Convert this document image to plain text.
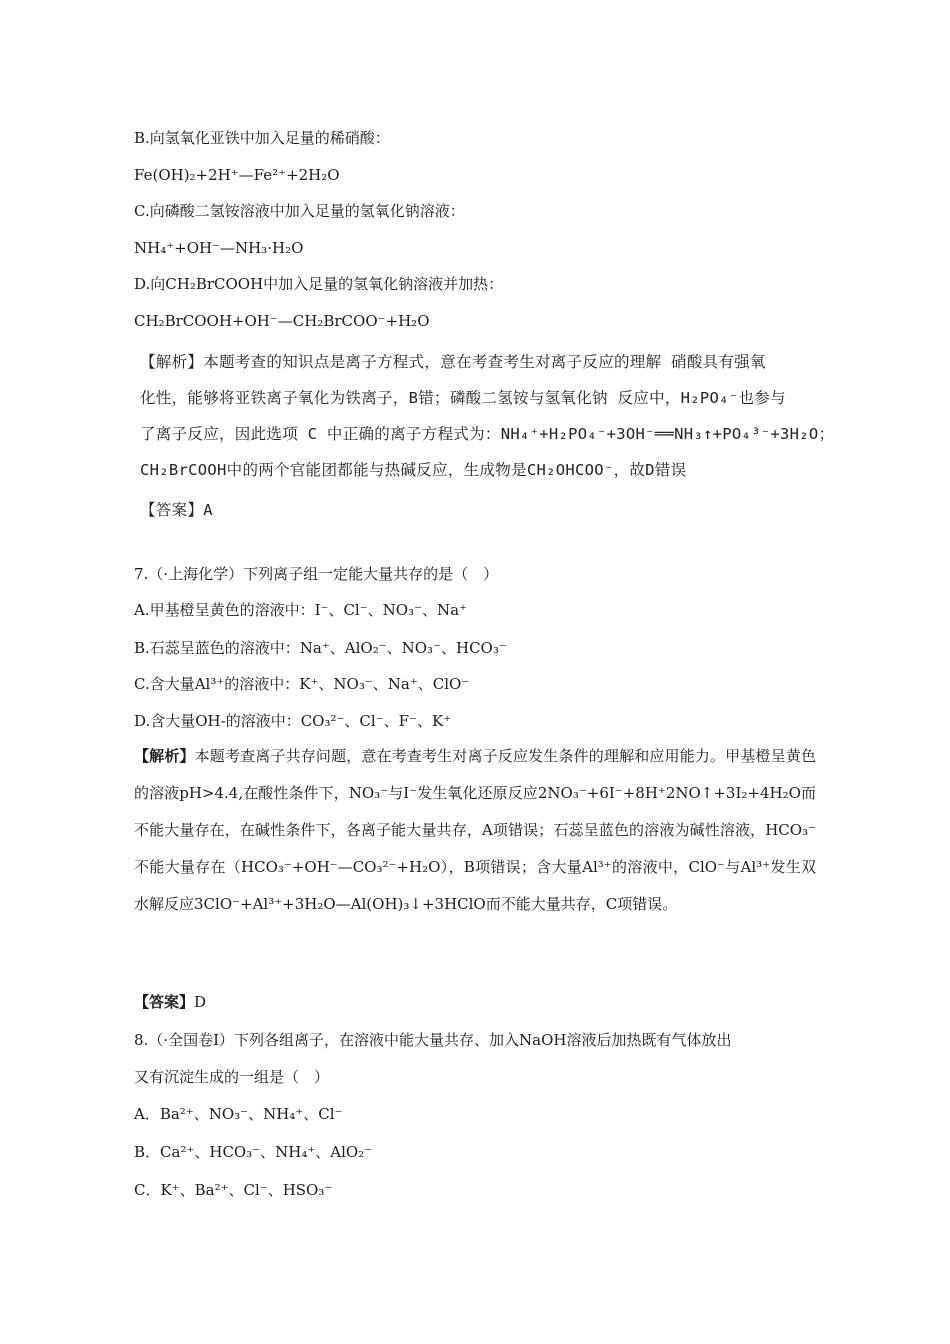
B.向氢氧化亚铁中加入足量的稀硝酸：
Fe(OH)₂+2H⁺—Fe²⁺+2H₂O
C.向磷酸二氢铵溶液中加入足量的氢氧化钠溶液：
NH₄⁺+OH⁻—NH₃·H₂O
D.向CH₂BrCOOH中加入足量的氢氧化钠溶液并加热：
CH₂BrCOOH+OH⁻—CH₂BrCOO⁻+H₂O
【解析】本题考查的知识点是离子方程式，意在考查考生对离子反应的理解 硝酸具有强氧
化性，能够将亚铁离子氧化为铁离子，B错；磷酸二氢铵与氢氧化钠 反应中，H₂PO₄⁻也参与
了离子反应，因此选项 C 中正确的离子方程式为：NH₄⁺+H₂PO₄⁻+3OH⁻══NH₃↑+PO₄³⁻+3H₂O；
CH₂BrCOOH中的两个官能团都能与热碱反应，生成物是CH₂OHCOO⁻，故D错误
【答案】A
7.（·上海化学）下列离子组一定能大量共存的是（　）
A.甲基橙呈黄色的溶液中：I⁻、Cl⁻、NO₃⁻、Na⁺
B.石蕊呈蓝色的溶液中：Na⁺、AlO₂⁻、NO₃⁻、HCO₃⁻
C.含大量Al³⁺的溶液中：K⁺、NO₃⁻、Na⁺、ClO⁻
D.含大量OH-的溶液中：CO₃²⁻、Cl⁻、F⁻、K⁺
【解析】本题考查离子共存问题，意在考查考生对离子反应发生条件的理解和应用能力。甲基橙呈黄色的溶液pH>4.4,在酸性条件下，NO₃⁻与I⁻发生氧化还原反应2NO₃⁻+6I⁻+8H⁺2NO↑+3I₂+4H₂O而不能大量存在，在碱性条件下，各离子能大量共存，A项错误；石蕊呈蓝色的溶液为碱性溶液，HCO₃⁻不能大量存在（HCO₃⁻+OH⁻—CO₃²⁻+H₂O），B项错误；含大量Al³⁺的溶液中，ClO⁻与Al³⁺发生双水解反应3ClO⁻+Al³⁺+3H₂O—Al(OH)₃↓+3HClO而不能大量共存，C项错误。
【答案】D
8.（·全国卷Ⅰ）下列各组离子，在溶液中能大量共存、加入NaOH溶液后加热既有气体放出
又有沉淀生成的一组是（　）
A．Ba²⁺、NO₃⁻、NH₄⁺、Cl⁻
B．Ca²⁺、HCO₃⁻、NH₄⁺、AlO₂⁻
C．K⁺、Ba²⁺、Cl⁻、HSO₃⁻
